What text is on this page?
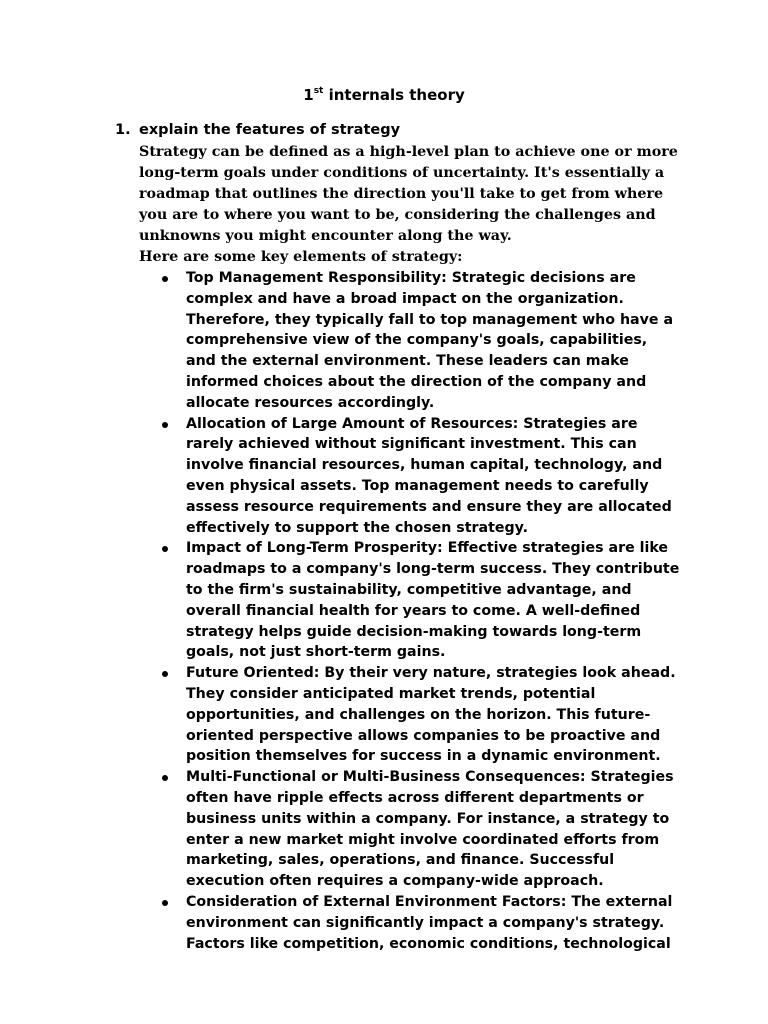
1st internals theory
1. explain the features of strategy

Strategy can be defined as a high-level plan to achieve one or more long-term goals under conditions of uncertainty. It's essentially a roadmap that outlines the direction you'll take to get from where you are to where you want to be, considering the challenges and unknowns you might encounter along the way.

Here are some key elements of strategy:

Top Management Responsibility: Strategic decisions are complex and have a broad impact on the organization. Therefore, they typically fall to top management who have a comprehensive view of the company's goals, capabilities, and the external environment. These leaders can make informed choices about the direction of the company and allocate resources accordingly.
Allocation of Large Amount of Resources: Strategies are rarely achieved without significant investment. This can involve financial resources, human capital, technology, and even physical assets. Top management needs to carefully assess resource requirements and ensure they are allocated effectively to support the chosen strategy.
Impact of Long-Term Prosperity: Effective strategies are like roadmaps to a company's long-term success. They contribute to the firm's sustainability, competitive advantage, and overall financial health for years to come. A well-defined strategy helps guide decision-making towards long-term goals, not just short-term gains.
Future Oriented: By their very nature, strategies look ahead. They consider anticipated market trends, potential opportunities, and challenges on the horizon. This future-oriented perspective allows companies to be proactive and position themselves for success in a dynamic environment.
Multi-Functional or Multi-Business Consequences: Strategies often have ripple effects across different departments or business units within a company. For instance, a strategy to enter a new market might involve coordinated efforts from marketing, sales, operations, and finance. Successful execution often requires a company-wide approach.
Consideration of External Environment Factors: The external environment can significantly impact a company's strategy. Factors like competition, economic conditions, technological
